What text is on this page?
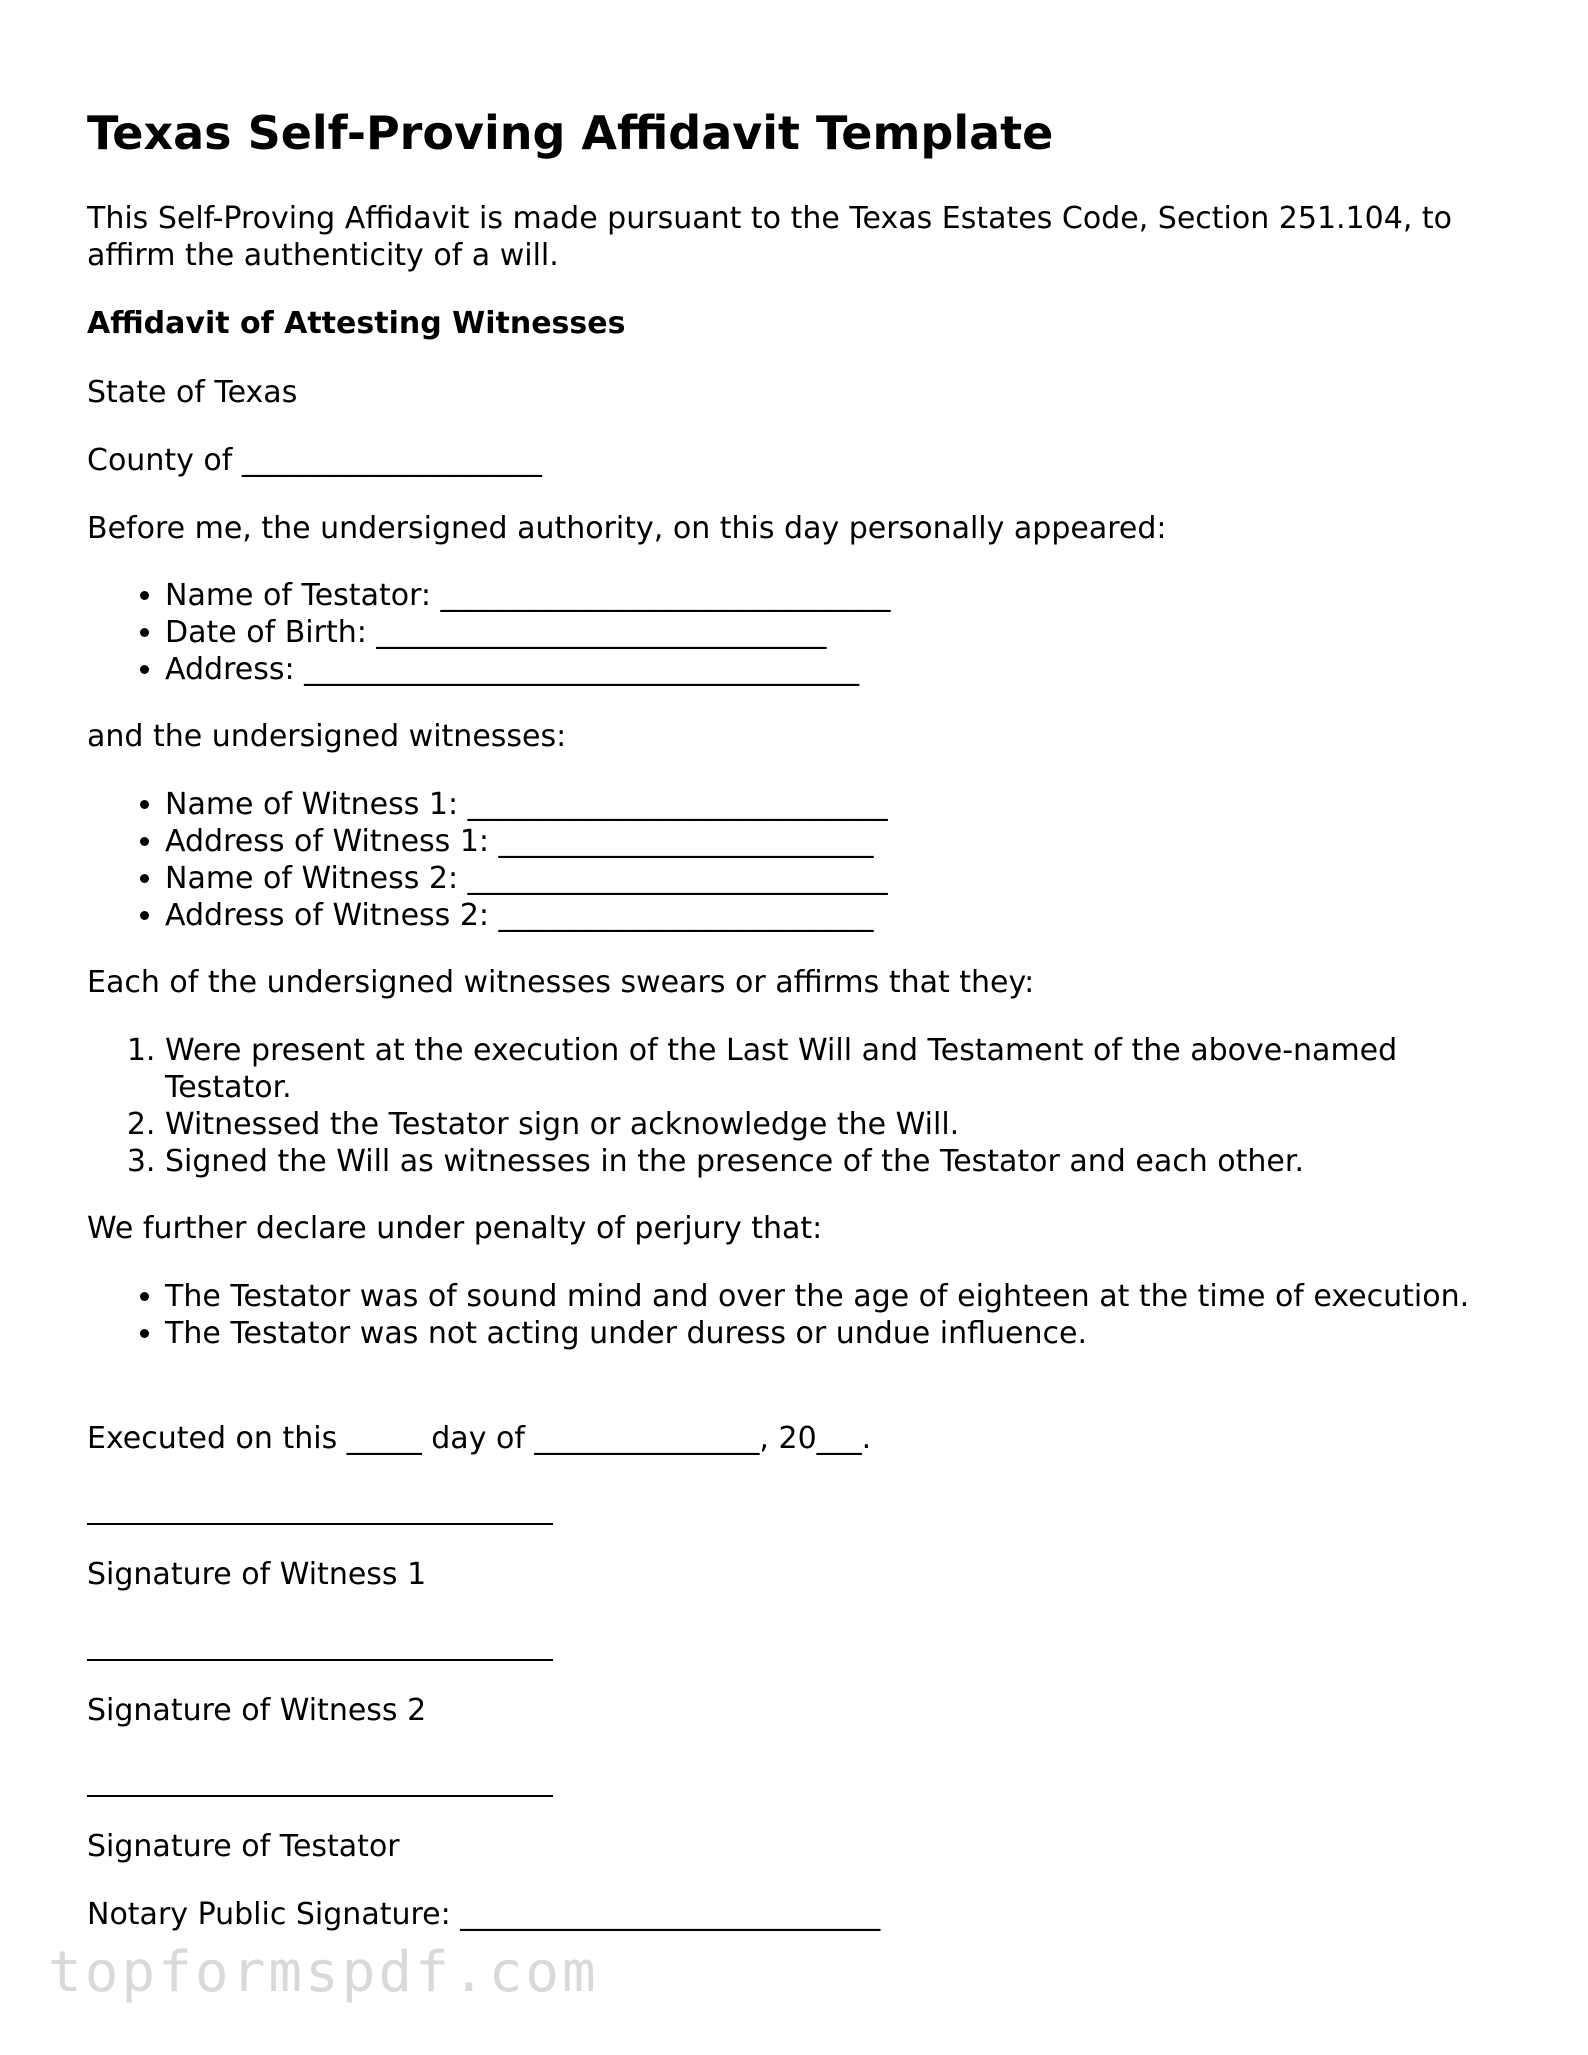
Texas Self-Proving Affidavit Template

This Self-Proving Affidavit is made pursuant to the Texas Estates Code, Section 251.104, to affirm the authenticity of a will.

Affidavit of Attesting Witnesses

State of Texas

County of ____________________

Before me, the undersigned authority, on this day personally appeared:

• Name of Testator: ______________________________
• Date of Birth: ______________________________
• Address: _____________________________________

and the undersigned witnesses:

• Name of Witness 1: ____________________________
• Address of Witness 1: _________________________
• Name of Witness 2: ____________________________
• Address of Witness 2: _________________________

Each of the undersigned witnesses swears or affirms that they:

1. Were present at the execution of the Last Will and Testament of the above-named Testator.
2. Witnessed the Testator sign or acknowledge the Will.
3. Signed the Will as witnesses in the presence of the Testator and each other.

We further declare under penalty of perjury that:

• The Testator was of sound mind and over the age of eighteen at the time of execution.
• The Testator was not acting under duress or undue influence.

Executed on this _____ day of _______________, 20___.

Signature of Witness 1

Signature of Witness 2

Signature of Testator

Notary Public Signature: ____________________________

topformspdf.com
